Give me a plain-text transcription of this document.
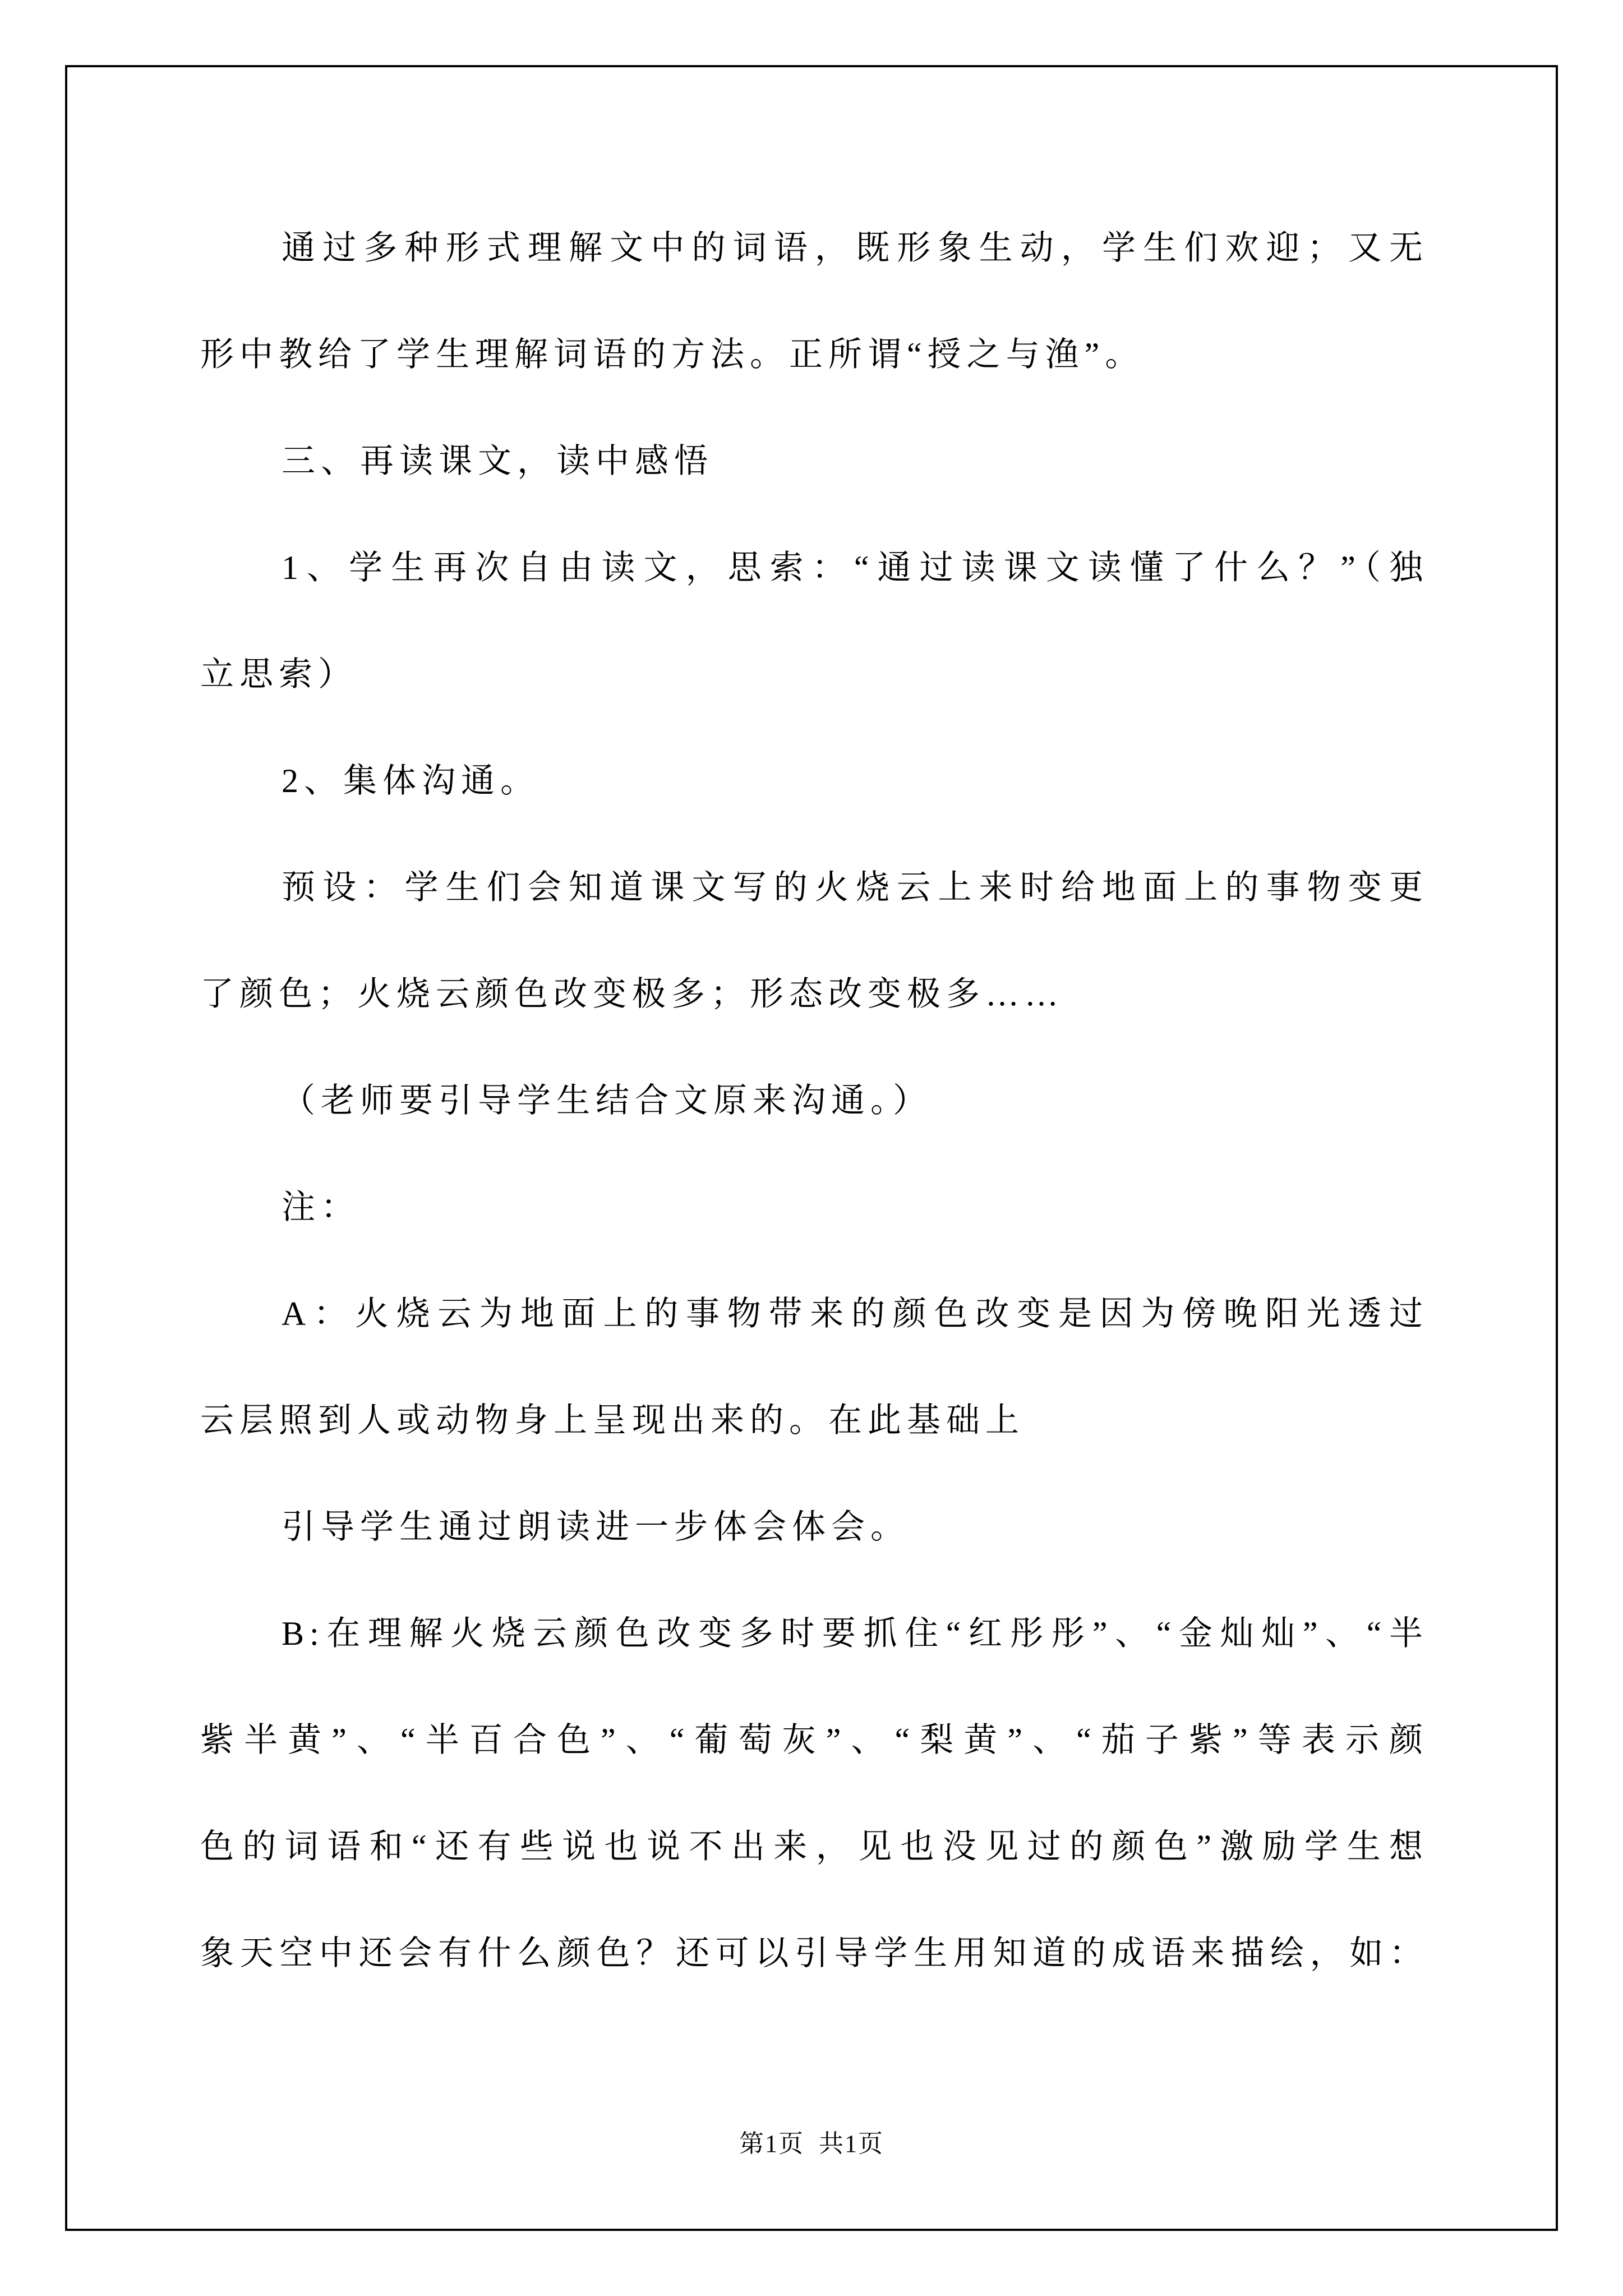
通过多种形式理解文中的词语，既形象生动，学生们欢迎；又无
形中教给了学生理解词语的方法。正所谓“授之与渔”。
三、再读课文，读中感悟
1、学生再次自由读文，思索：“通过读课文读懂了什么？”（独
立思索）
2、集体沟通。
预设：学生们会知道课文写的火烧云上来时给地面上的事物变更
了颜色；火烧云颜色改变极多；形态改变极多……
（老师要引导学生结合文原来沟通。）
注：
A：火烧云为地面上的事物带来的颜色改变是因为傍晚阳光透过
云层照到人或动物身上呈现出来的。在此基础上
引导学生通过朗读进一步体会体会。
B:在理解火烧云颜色改变多时要抓住“红彤彤”、“金灿灿”、“半
紫半黄”、“半百合色”、“葡萄灰”、“梨黄”、“茄子紫”等表示颜
色的词语和“还有些说也说不出来，见也没见过的颜色”激励学生想
象天空中还会有什么颜色？还可以引导学生用知道的成语来描绘，如：
第1页  共1页
